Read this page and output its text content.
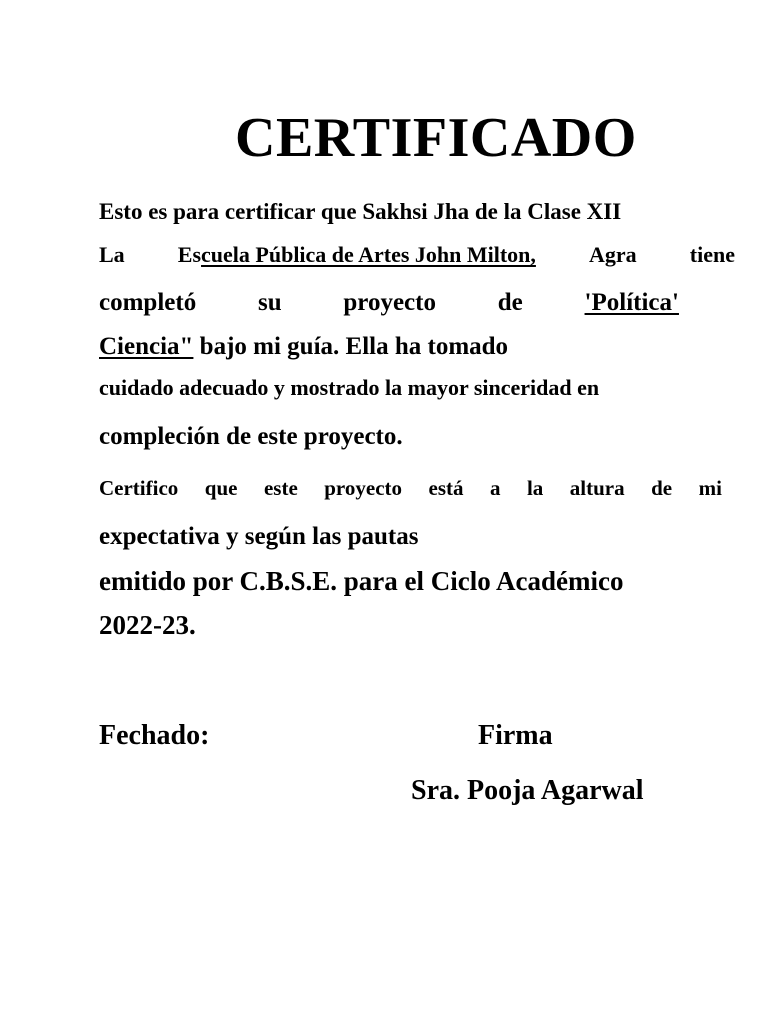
CERTIFICADO
Esto es para certificar que Sakhsi Jha de la Clase XII
La Escuela Pública de Artes John Milton, Agra tiene
completó su proyecto de 'Política'
Ciencia" bajo mi guía. Ella ha tomado
cuidado adecuado y mostrado la mayor sinceridad en
compleción de este proyecto.
Certifico que este proyecto está a la altura de mi
expectativa y según las pautas
emitido por C.B.S.E. para el Ciclo Académico
2022-23.
Fechado:	Firma
Sra. Pooja Agarwal
